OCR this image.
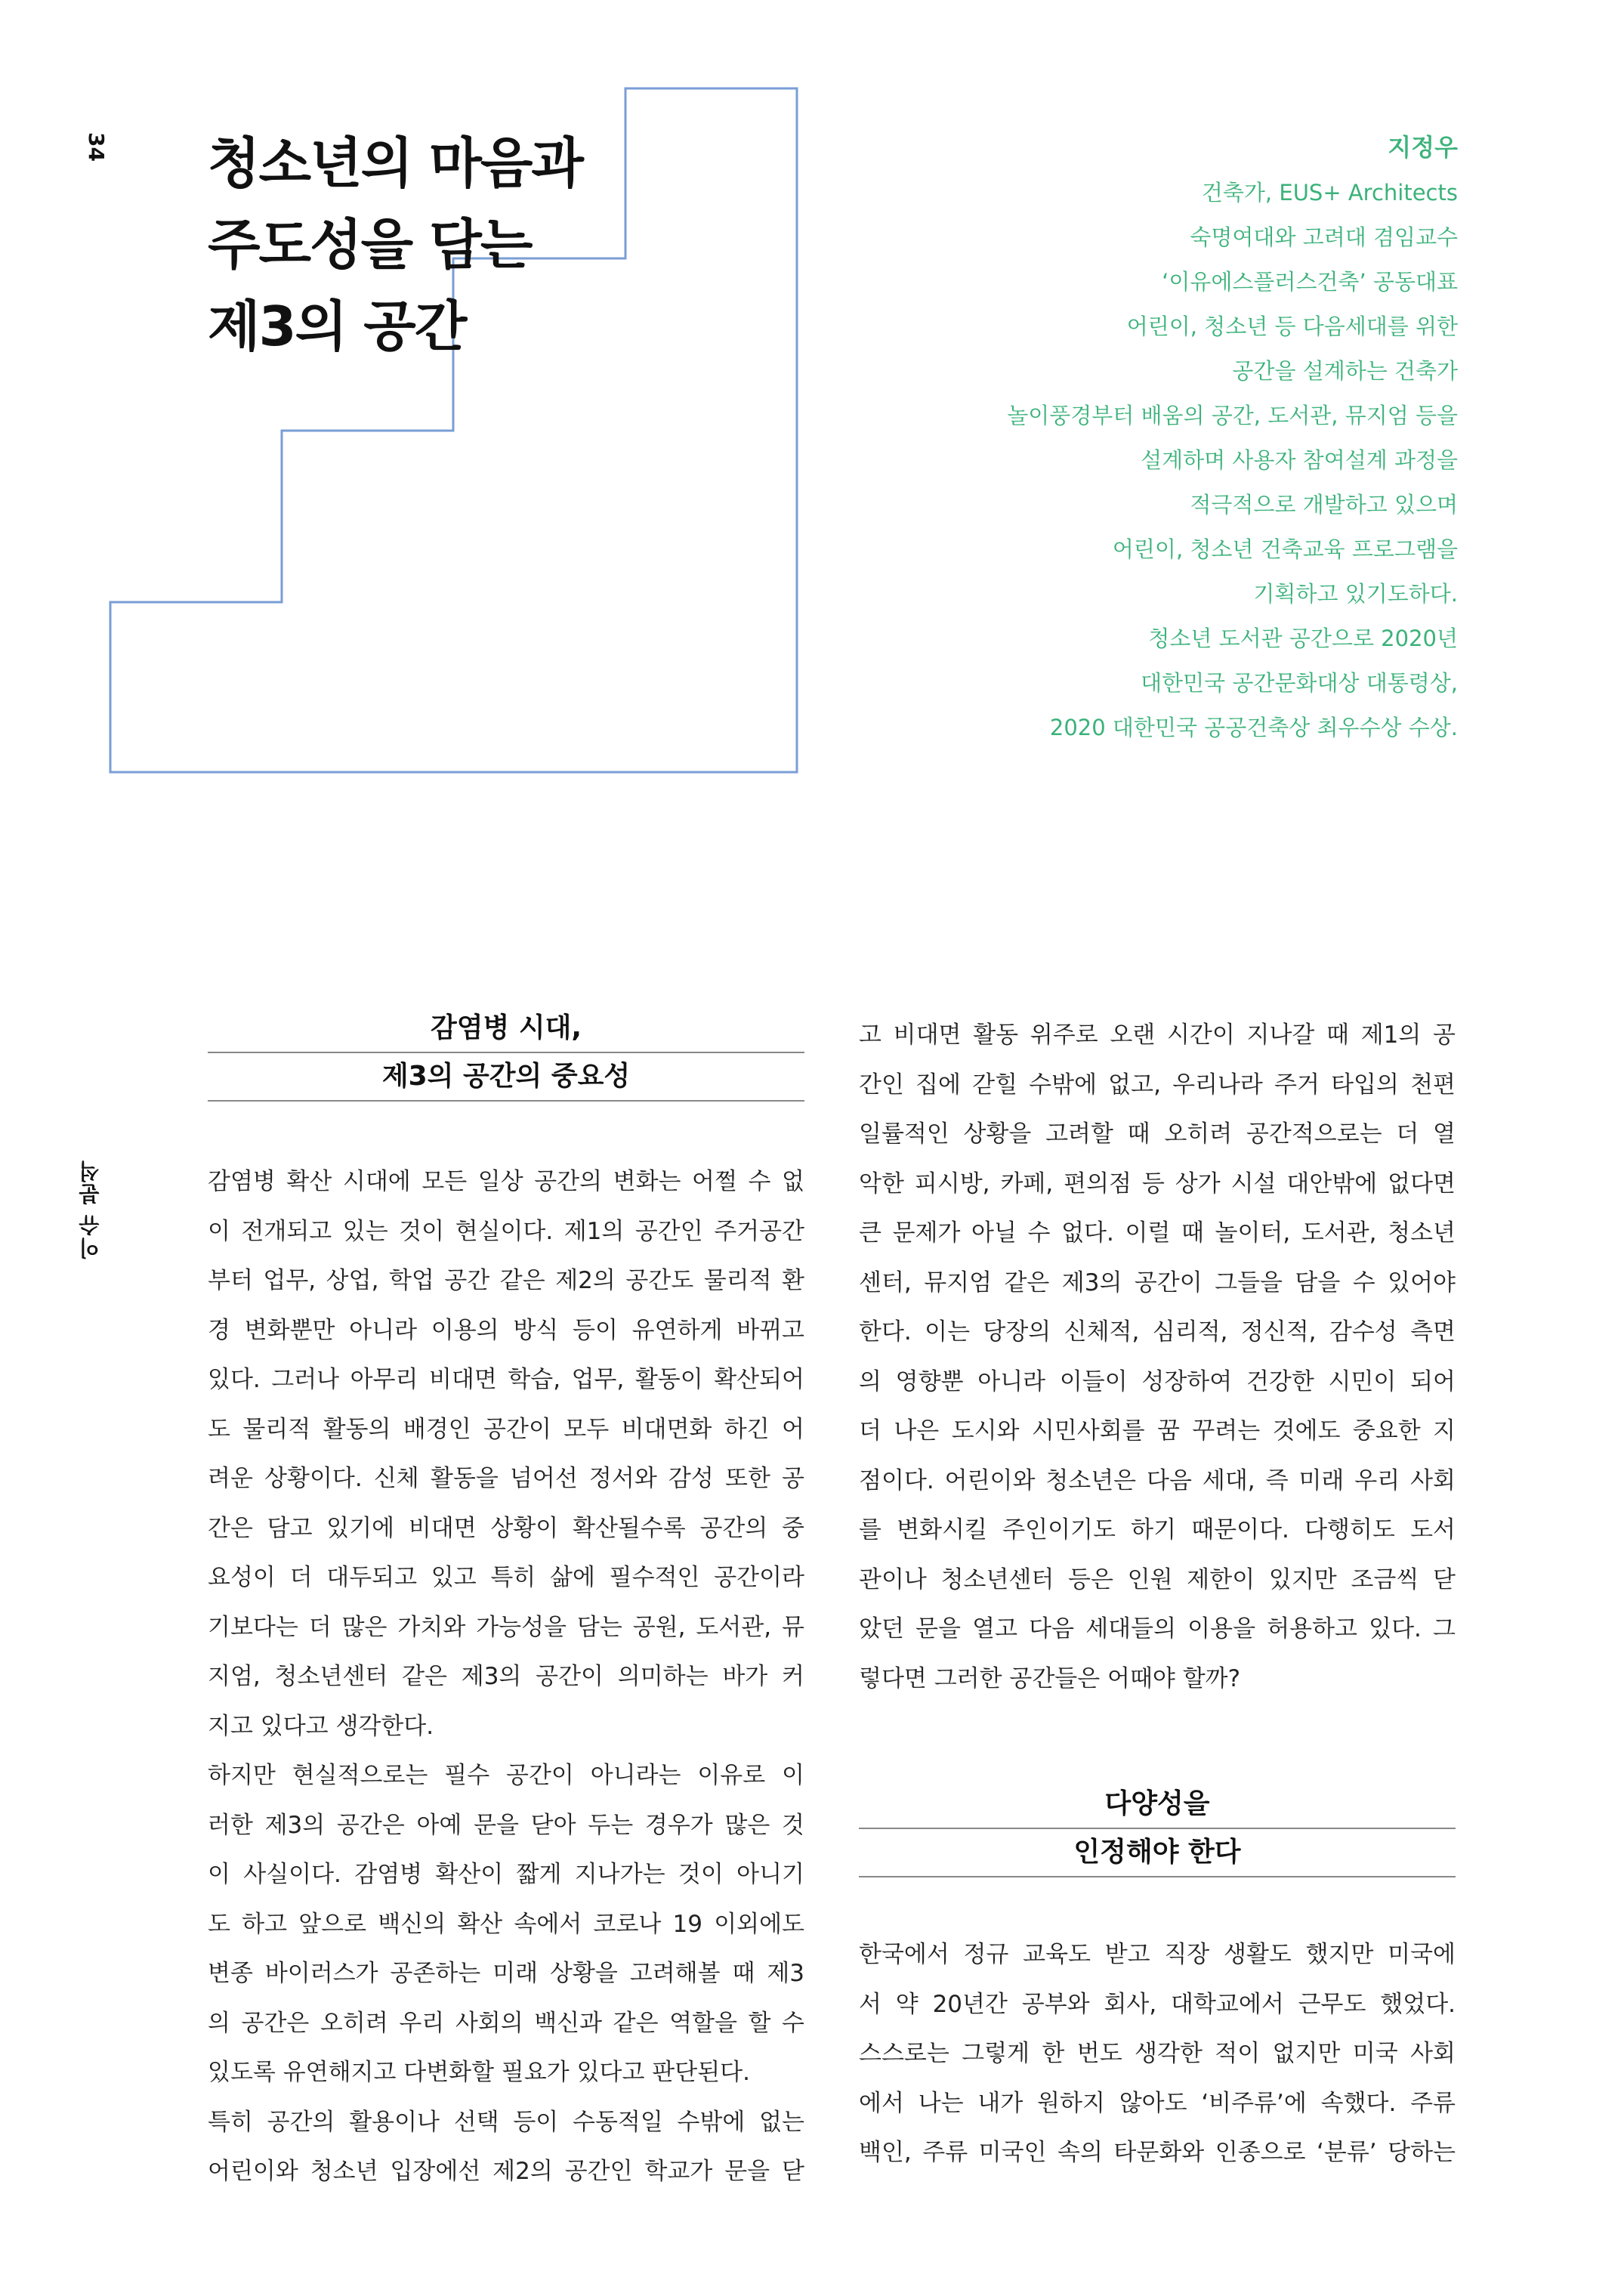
34
이슈 분석
청소년의 마음과
주도성을 담는
제3의 공간
지정우
건축가, EUS+ Architects
숙명여대와 고려대 겸임교수
‘이유에스플러스건축’ 공동대표
어린이, 청소년 등 다음세대를 위한
공간을 설계하는 건축가
놀이풍경부터 배움의 공간, 도서관, 뮤지엄 등을
설계하며 사용자 참여설계 과정을
적극적으로 개발하고 있으며
어린이, 청소년 건축교육 프로그램을
기획하고 있기도하다.
청소년 도서관 공간으로 2020년
대한민국 공간문화대상 대통령상,
2020 대한민국 공공건축상 최우수상 수상.
감염병 시대,
제3의 공간의 중요성

감염병 확산 시대에 모든 일상 공간의 변화는 어쩔 수 없
이 전개되고 있는 것이 현실이다. 제1의 공간인 주거공간
부터 업무, 상업, 학업 공간 같은 제2의 공간도 물리적 환
경 변화뿐만 아니라 이용의 방식 등이 유연하게 바뀌고
있다. 그러나 아무리 비대면 학습, 업무, 활동이 확산되어
도 물리적 활동의 배경인 공간이 모두 비대면화 하긴 어
려운 상황이다. 신체 활동을 넘어선 정서와 감성 또한 공
간은 담고 있기에 비대면 상황이 확산될수록 공간의 중
요성이 더 대두되고 있고 특히 삶에 필수적인 공간이라
기보다는 더 많은 가치와 가능성을 담는 공원, 도서관, 뮤
지엄, 청소년센터 같은 제3의 공간이 의미하는 바가 커
지고 있다고 생각한다.
하지만 현실적으로는 필수 공간이 아니라는 이유로 이
러한 제3의 공간은 아예 문을 닫아 두는 경우가 많은 것
이 사실이다. 감염병 확산이 짧게 지나가는 것이 아니기
도 하고 앞으로 백신의 확산 속에서 코로나 19 이외에도
변종 바이러스가 공존하는 미래 상황을 고려해볼 때 제3
의 공간은 오히려 우리 사회의 백신과 같은 역할을 할 수
있도록 유연해지고 다변화할 필요가 있다고 판단된다.
특히 공간의 활용이나 선택 등이 수동적일 수밖에 없는
어린이와 청소년 입장에선 제2의 공간인 학교가 문을 닫

고 비대면 활동 위주로 오랜 시간이 지나갈 때 제1의 공
간인 집에 갇힐 수밖에 없고, 우리나라 주거 타입의 천편
일률적인 상황을 고려할 때 오히려 공간적으로는 더 열
악한 피시방, 카페, 편의점 등 상가 시설 대안밖에 없다면
큰 문제가 아닐 수 없다. 이럴 때 놀이터, 도서관, 청소년
센터, 뮤지엄 같은 제3의 공간이 그들을 담을 수 있어야
한다. 이는 당장의 신체적, 심리적, 정신적, 감수성 측면
의 영향뿐 아니라 이들이 성장하여 건강한 시민이 되어
더 나은 도시와 시민사회를 꿈 꾸려는 것에도 중요한 지
점이다. 어린이와 청소년은 다음 세대, 즉 미래 우리 사회
를 변화시킬 주인이기도 하기 때문이다. 다행히도 도서
관이나 청소년센터 등은 인원 제한이 있지만 조금씩 닫
았던 문을 열고 다음 세대들의 이용을 허용하고 있다. 그
렇다면 그러한 공간들은 어때야 할까?

다양성을
인정해야 한다

한국에서 정규 교육도 받고 직장 생활도 했지만 미국에
서 약 20년간 공부와 회사, 대학교에서 근무도 했었다.
스스로는 그렇게 한 번도 생각한 적이 없지만 미국 사회
에서 나는 내가 원하지 않아도 ‘비주류’에 속했다. 주류
백인, 주류 미국인 속의 타문화와 인종으로 ‘분류’ 당하는
